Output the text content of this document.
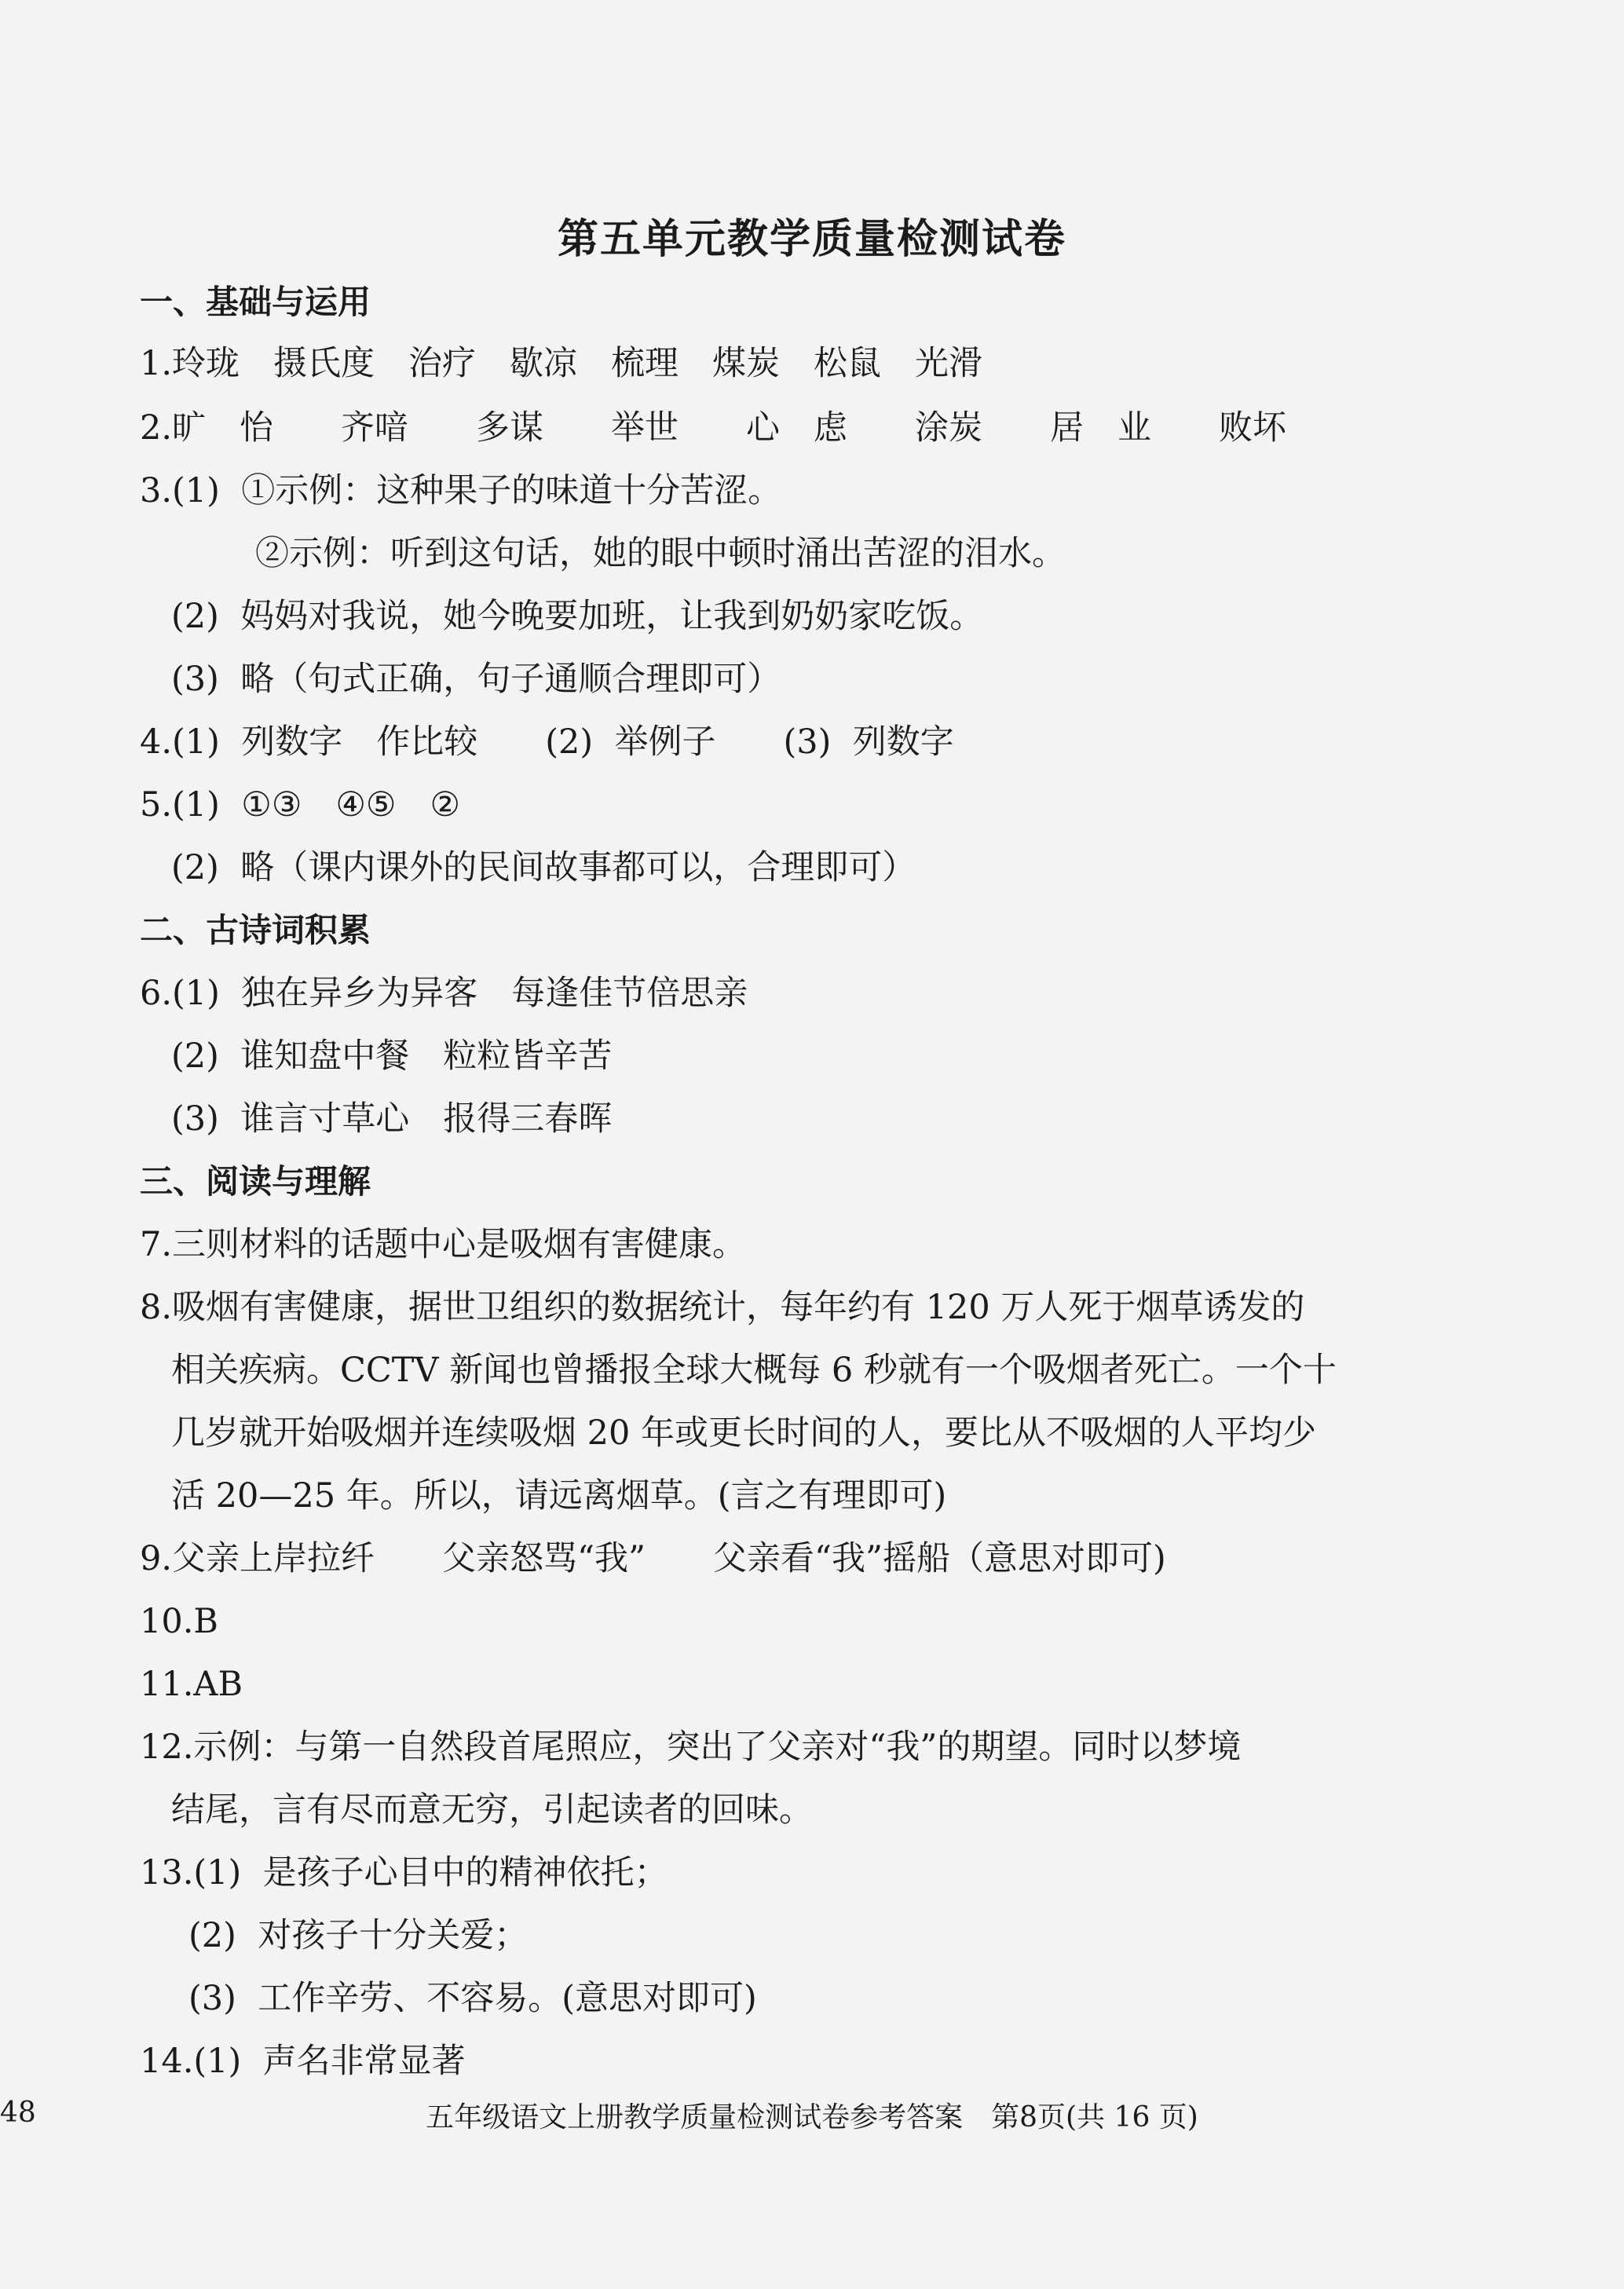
第五单元教学质量检测试卷
一、基础与运用
1.玲珑　摄氏度　治疗　歇凉　梳理　煤炭　松鼠　光滑
2.旷　怡　　齐喑　　多谋　　举世　　心　虑　　涂炭　　居　业　　败坏
3.(1)  ①示例：这种果子的味道十分苦涩。
②示例：听到这句话，她的眼中顿时涌出苦涩的泪水。
(2)  妈妈对我说，她今晚要加班，让我到奶奶家吃饭。
(3)  略（句式正确，句子通顺合理即可）
4.(1)  列数字　作比较　　(2)  举例子　　(3)  列数字
5.(1)  ①③　④⑤　②
(2)  略（课内课外的民间故事都可以，合理即可）
二、古诗词积累
6.(1)  独在异乡为异客　每逢佳节倍思亲
(2)  谁知盘中餐　粒粒皆辛苦
(3)  谁言寸草心　报得三春晖
三、阅读与理解
7.三则材料的话题中心是吸烟有害健康。
8.吸烟有害健康，据世卫组织的数据统计，每年约有 120 万人死于烟草诱发的
相关疾病。CCTV 新闻也曾播报全球大概每 6 秒就有一个吸烟者死亡。一个十
几岁就开始吸烟并连续吸烟 20 年或更长时间的人，要比从不吸烟的人平均少
活 20—25 年。所以，请远离烟草。(言之有理即可)
9.父亲上岸拉纤　　父亲怒骂“我”　　父亲看“我”摇船（意思对即可)
10.B
11.AB
12.示例：与第一自然段首尾照应，突出了父亲对“我”的期望。同时以梦境
结尾，言有尽而意无穷，引起读者的回味。
13.(1)  是孩子心目中的精神依托；
(2)  对孩子十分关爱；
(3)  工作辛劳、不容易。(意思对即可)
14.(1)  声名非常显著
48	五年级语文上册教学质量检测试卷参考答案　第8页(共 16 页)
